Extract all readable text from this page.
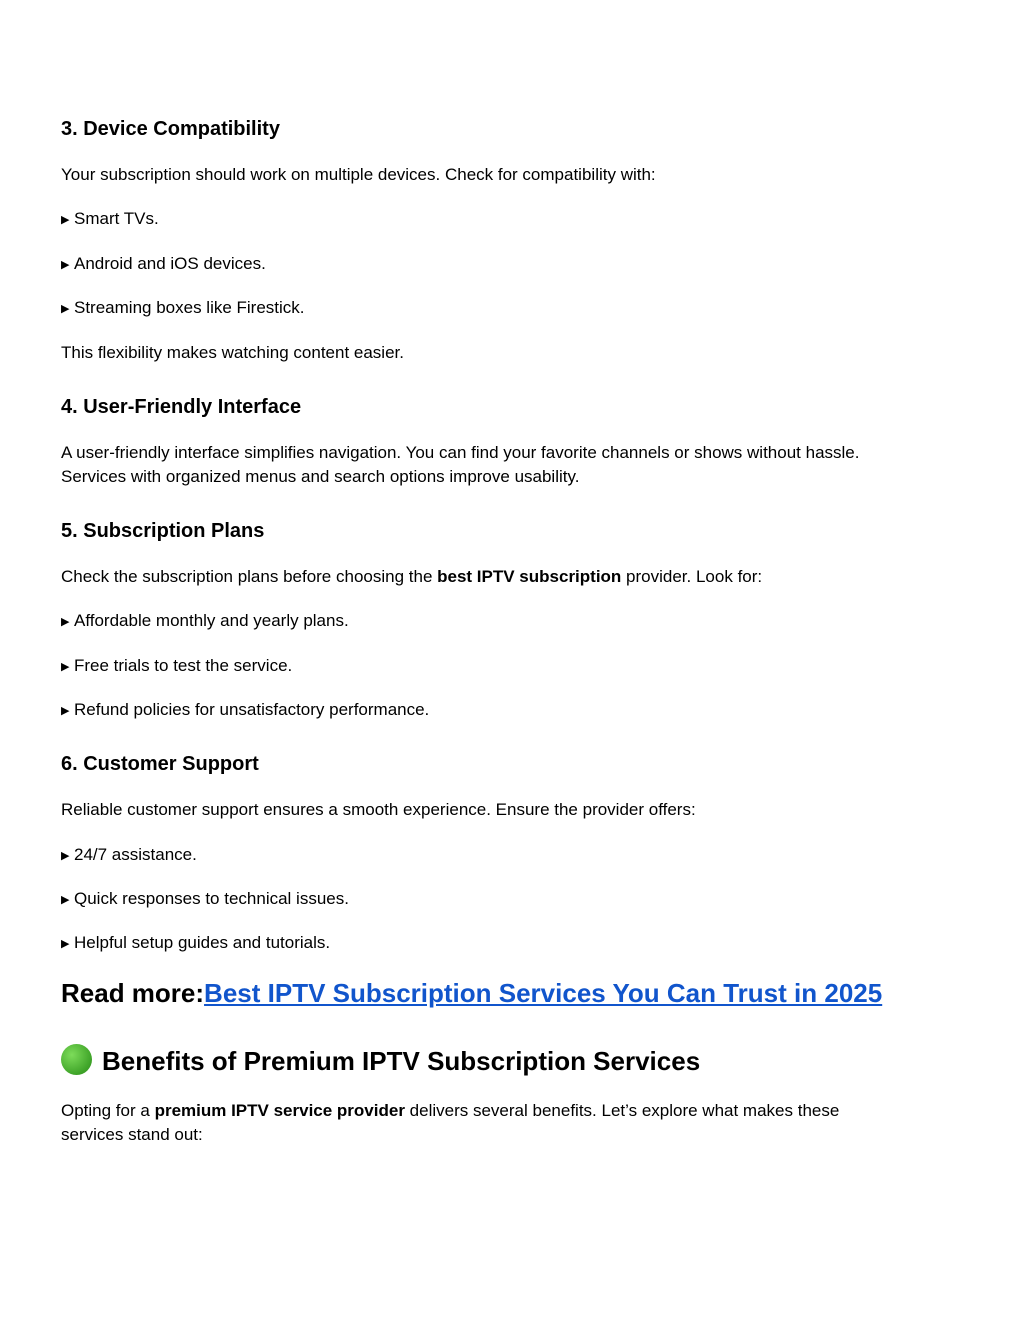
3. Device Compatibility

Your subscription should work on multiple devices. Check for compatibility with:

▶ Smart TVs.
▶ Android and iOS devices.
▶ Streaming boxes like Firestick.

This flexibility makes watching content easier.

4. User-Friendly Interface

A user-friendly interface simplifies navigation. You can find your favorite channels or shows without hassle.

Services with organized menus and search options improve usability.

5. Subscription Plans

Check the subscription plans before choosing the best IPTV subscription provider. Look for:

▶ Affordable monthly and yearly plans.
▶ Free trials to test the service.
▶ Refund policies for unsatisfactory performance.
6. Customer Support

Reliable customer support ensures a smooth experience. Ensure the provider offers:

▶ 24/7 assistance.
▶ Quick responses to technical issues.
▶ Helpful setup guides and tutorials.
Read more:Best IPTV Subscription Services You Can Trust in 2025
Benefits of Premium IPTV Subscription Services

Opting for a premium IPTV service provider delivers several benefits. Let’s explore what makes these

services stand out:
